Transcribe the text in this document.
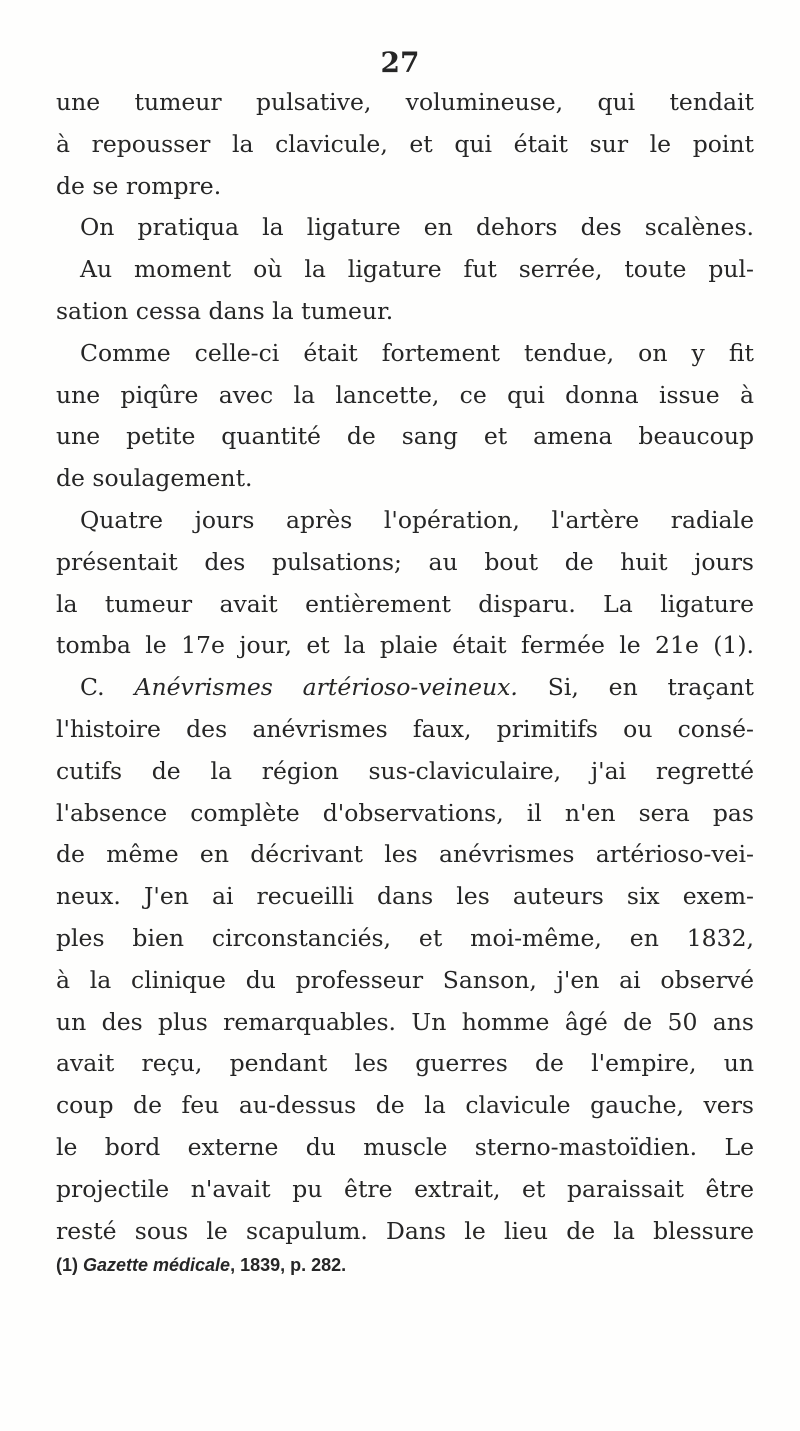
27
une tumeur pulsative, volumineuse, qui tendait
à repousser la clavicule, et qui était sur le point
de se rompre.
On pratiqua la ligature en dehors des scalènes.
Au moment où la ligature fut serrée, toute pul-
sation cessa dans la tumeur.
Comme celle-ci était fortement tendue, on y fit
une piqûre avec la lancette, ce qui donna issue à
une petite quantité de sang et amena beaucoup
de soulagement.
Quatre jours après l'opération, l'artère radiale
présentait des pulsations; au bout de huit jours
la tumeur avait entièrement disparu. La ligature
tomba le 17e jour, et la plaie était fermée le 21e (1).
C. Anévrismes artérioso-veineux. Si, en traçant
l'histoire des anévrismes faux, primitifs ou consé-
cutifs de la région sus-claviculaire, j'ai regretté
l'absence complète d'observations, il n'en sera pas
de même en décrivant les anévrismes artérioso-vei-
neux. J'en ai recueilli dans les auteurs six exem-
ples bien circonstanciés, et moi-même, en 1832,
à la clinique du professeur Sanson, j'en ai observé
un des plus remarquables. Un homme âgé de 50 ans
avait reçu, pendant les guerres de l'empire, un
coup de feu au-dessus de la clavicule gauche, vers
le bord externe du muscle sterno-mastoïdien. Le
projectile n'avait pu être extrait, et paraissait être
resté sous le scapulum. Dans le lieu de la blessure
(1) Gazette médicale, 1839, p. 282.
